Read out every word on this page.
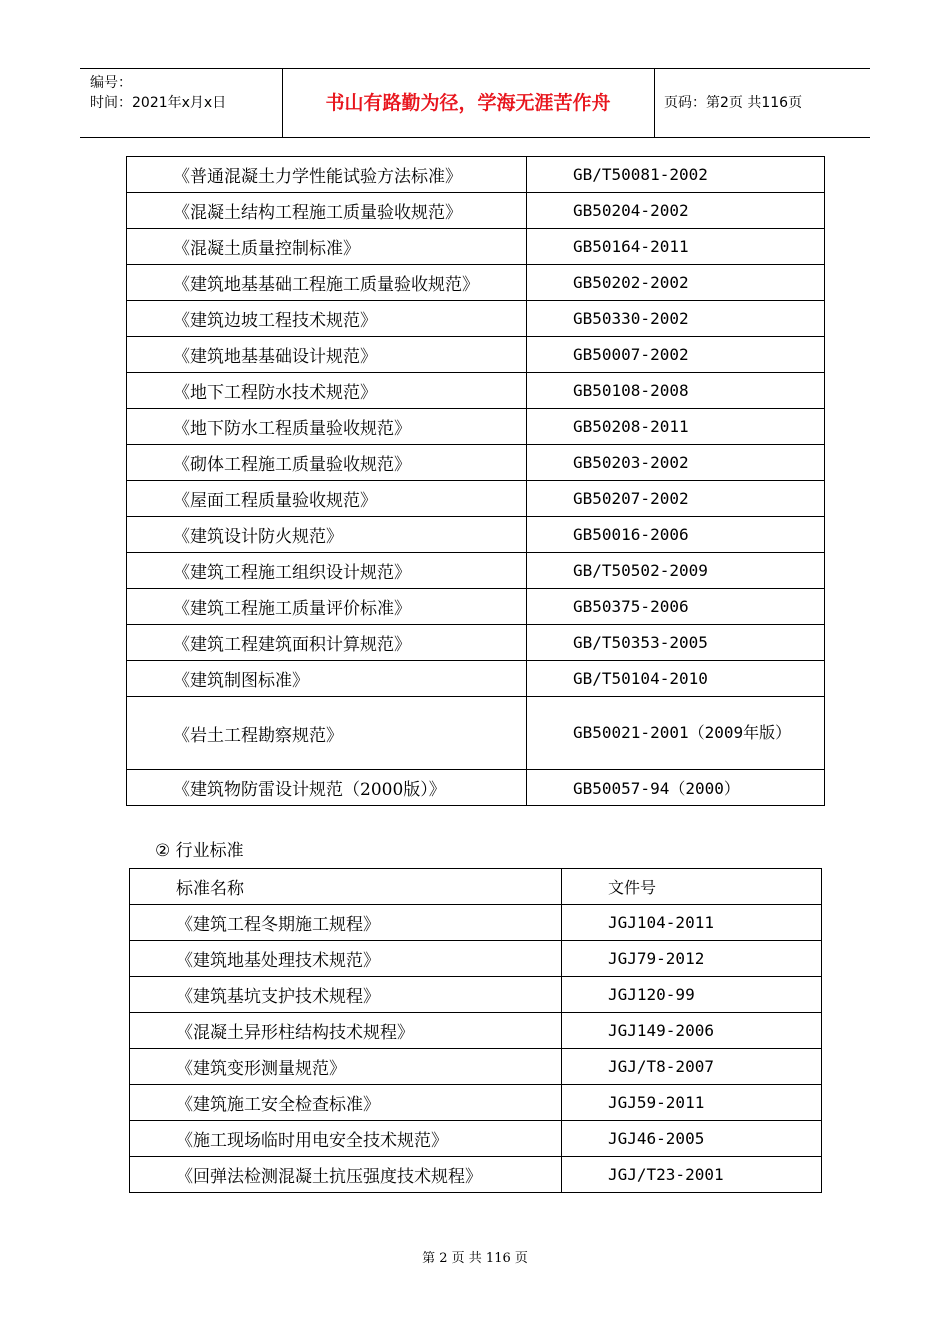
编号：
时间：2021年x月x日	书山有路勤为径，学海无涯苦作舟	页码：第2页 共116页
《普通混凝土力学性能试验方法标准》	GB/T50081-2002
《混凝土结构工程施工质量验收规范》	GB50204-2002
《混凝土质量控制标准》	GB50164-2011
《建筑地基基础工程施工质量验收规范》	GB50202-2002
《建筑边坡工程技术规范》	GB50330-2002
《建筑地基基础设计规范》	GB50007-2002
《地下工程防水技术规范》	GB50108-2008
《地下防水工程质量验收规范》	GB50208-2011
《砌体工程施工质量验收规范》	GB50203-2002
《屋面工程质量验收规范》	GB50207-2002
《建筑设计防火规范》	GB50016-2006
《建筑工程施工组织设计规范》	GB/T50502-2009
《建筑工程施工质量评价标准》	GB50375-2006
《建筑工程建筑面积计算规范》	GB/T50353-2005
《建筑制图标准》	GB/T50104-2010
《岩土工程勘察规范》	GB50021-2001（2009年版）
《建筑物防雷设计规范（2000版）》	GB50057-94（2000）
② 行业标准
标准名称	文件号
《建筑工程冬期施工规程》	JGJ104-2011
《建筑地基处理技术规范》	JGJ79-2012
《建筑基坑支护技术规程》	JGJ120-99
《混凝土异形柱结构技术规程》	JGJ149-2006
《建筑变形测量规范》	JGJ/T8-2007
《建筑施工安全检查标准》	JGJ59-2011
《施工现场临时用电安全技术规范》	JGJ46-2005
《回弹法检测混凝土抗压强度技术规程》	JGJ/T23-2001
第 2 页 共 116 页
